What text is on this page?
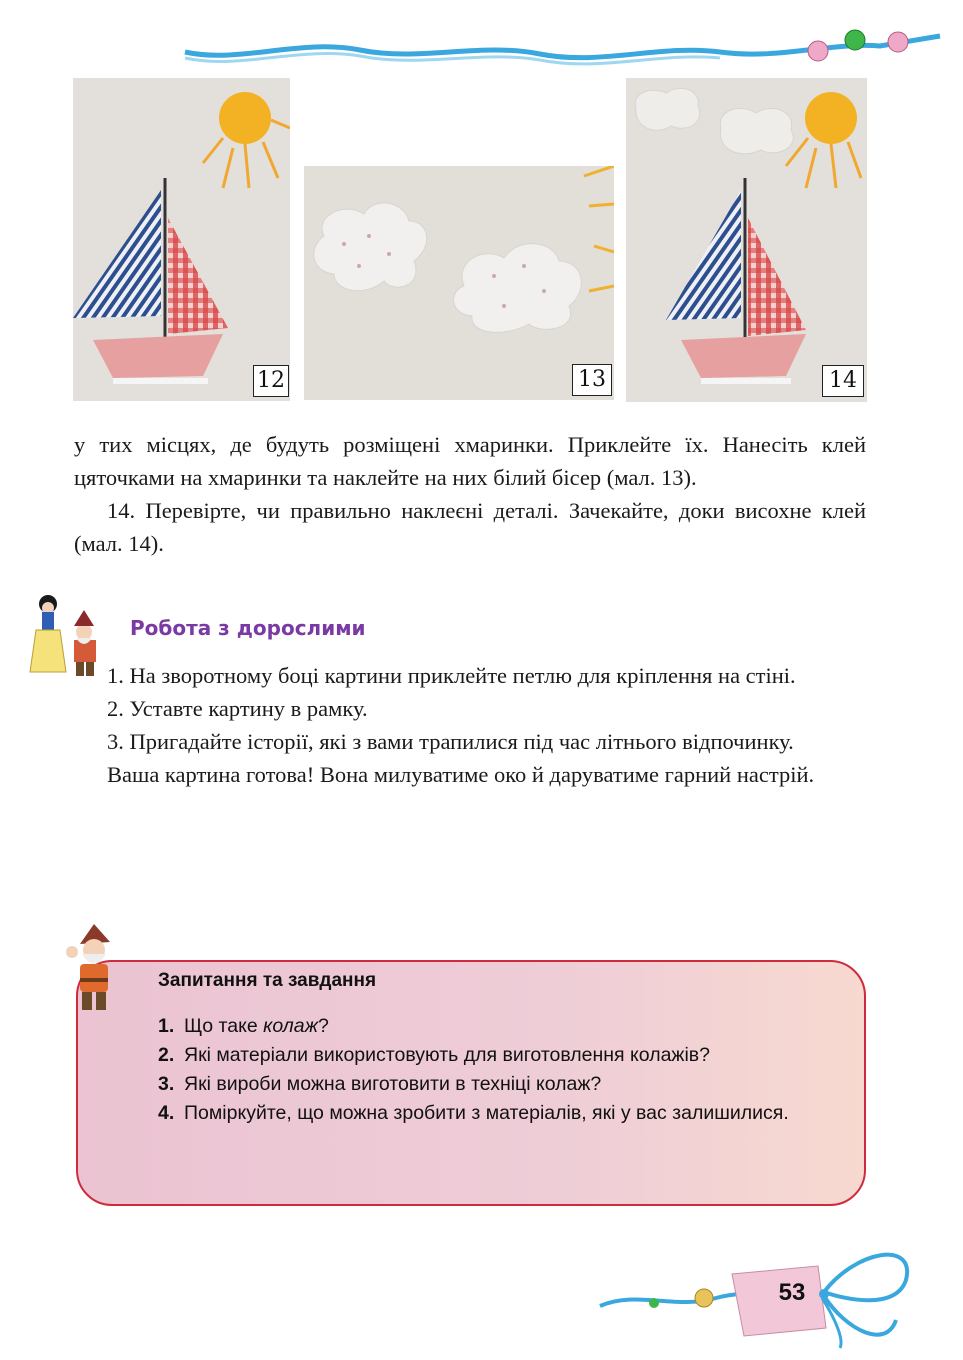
12	13	14

у тих місцях, де будуть розміщені хмаринки. Приклейте їх. Нанесіть клей цяточками на хмаринки та наклейте на них білий бісер (мал. 13).

14. Перевірте, чи правильно наклеєні деталі. Зачекайте, доки висохне клей (мал. 14).

Робота з дорослими

1. На зворотному боці картини приклейте петлю для кріплення на стіні.

2. Уставте картину в рамку.

3. Пригадайте історії, які з вами трапилися під час літнього відпочинку.

Ваша картина готова! Вона милуватиме око й даруватиме гарний настрій.

Запитання та завдання
1. Що таке колаж?
2. Які матеріали використовують для виготовлення колажів?
3. Які вироби можна виготовити в техніці колаж?
4. Поміркуйте, що можна зробити з матеріалів, які у вас залишилися.
53
